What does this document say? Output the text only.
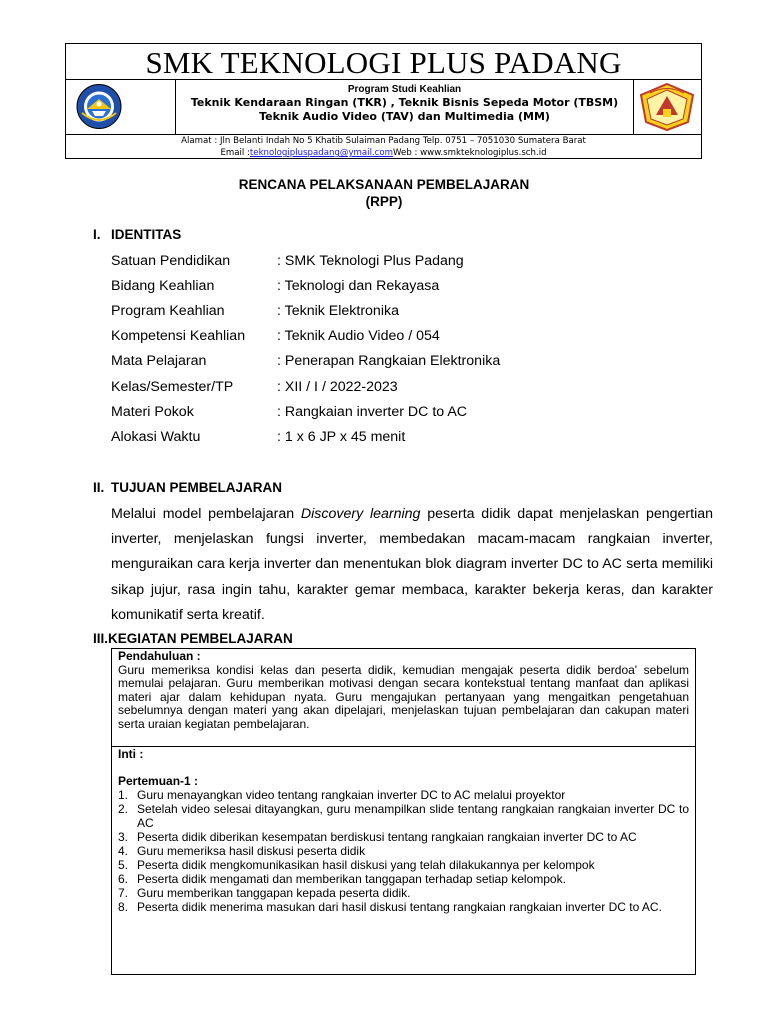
SMK TEKNOLOGI PLUS PADANG
Program Studi Keahlian
Teknik Kendaraan Ringan (TKR) , Teknik Bisnis Sepeda Motor (TBSM)
Teknik Audio Video (TAV) dan Multimedia (MM)
Alamat : Jln Belanti Indah No 5 Khatib Sulaiman Padang Telp. 0751 – 7051030 Sumatera Barat
Email :teknologipluspadang@ymail.comWeb : www.smkteknologiplus.sch.id
RENCANA PELAKSANAAN PEMBELAJARAN
(RPP)
I. IDENTITAS
Satuan Pendidikan	: SMK Teknologi Plus Padang
Bidang Keahlian	: Teknologi dan Rekayasa
Program Keahlian	: Teknik Elektronika
Kompetensi Keahlian : Teknik Audio Video / 054
Mata Pelajaran	: Penerapan Rangkaian Elektronika
Kelas/Semester/TP	: XII / I / 2022-2023
Materi Pokok	: Rangkaian inverter DC to AC
Alokasi Waktu	: 1 x 6 JP x 45 menit
II. TUJUAN PEMBELAJARAN
Melalui model pembelajaran Discovery learning peserta didik dapat menjelaskan pengertian inverter, menjelaskan fungsi inverter, membedakan macam-macam rangkaian inverter, menguraikan cara kerja inverter dan menentukan blok diagram inverter DC to AC serta memiliki sikap jujur, rasa ingin tahu, karakter gemar membaca, karakter bekerja keras, dan karakter komunikatif serta kreatif.
III.KEGIATAN PEMBELAJARAN
Pendahuluan :

Guru memeriksa kondisi kelas dan peserta didik, kemudian mengajak peserta didik berdoa' sebelum memulai pelajaran. Guru memberikan motivasi dengan secara kontekstual tentang manfaat dan aplikasi materi ajar dalam kehidupan nyata. Guru mengajukan pertanyaan yang mengaitkan pengetahuan sebelumnya dengan materi yang akan dipelajari, menjelaskan tujuan pembelajaran dan cakupan materi serta uraian kegiatan pembelajaran.

Inti :
Pertemuan-1 :
1. Guru menayangkan video tentang rangkaian inverter DC to AC melalui proyektor
2. Setelah video selesai ditayangkan, guru menampilkan slide tentang rangkaian rangkaian inverter DC to AC
3. Peserta didik diberikan kesempatan berdiskusi tentang rangkaian rangkaian inverter DC to AC
4. Guru memeriksa hasil diskusi peserta didik
5. Peserta didik mengkomunikasikan hasil diskusi yang telah dilakukannya per kelompok
6. Peserta didik mengamati dan memberikan tanggapan terhadap setiap kelompok.
7. Guru memberikan tanggapan kepada peserta didik.
8. Peserta didik menerima masukan dari hasil diskusi tentang rangkaian rangkaian inverter DC to AC.
